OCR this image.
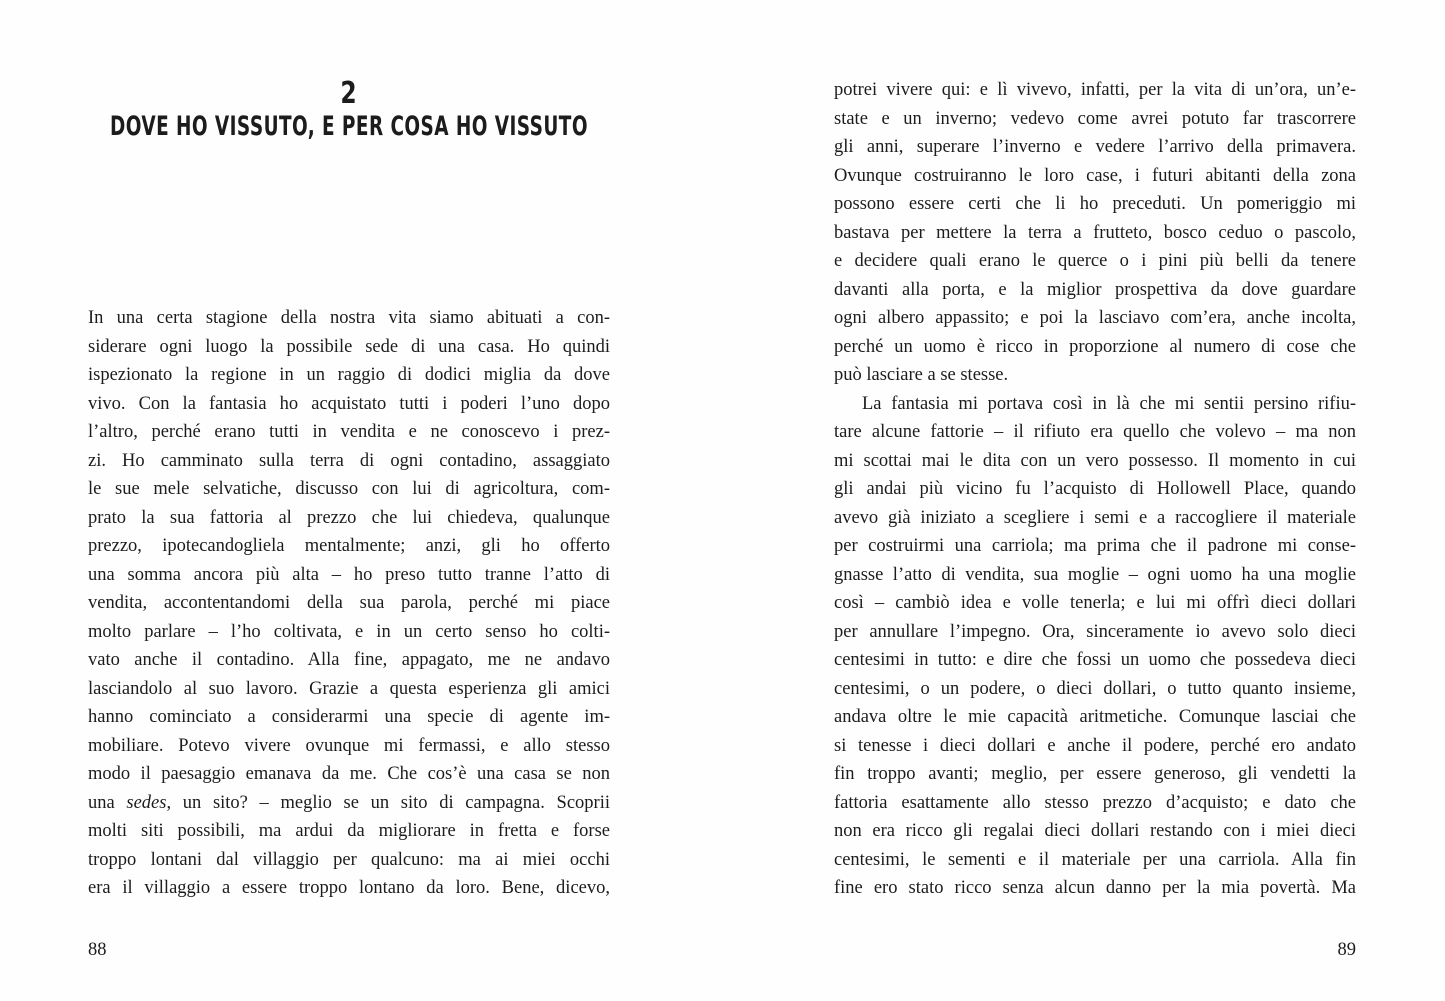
2
DOVE HO VISSUTO, E PER COSA HO VISSUTO
In una certa stagione della nostra vita siamo abituati a con-
siderare ogni luogo la possibile sede di una casa. Ho quindi
ispezionato la regione in un raggio di dodici miglia da dove
vivo. Con la fantasia ho acquistato tutti i poderi l’uno dopo
l’altro, perché erano tutti in vendita e ne conoscevo i prez-
zi. Ho camminato sulla terra di ogni contadino, assaggiato
le sue mele selvatiche, discusso con lui di agricoltura, com-
prato la sua fattoria al prezzo che lui chiedeva, qualunque
prezzo, ipotecandogliela mentalmente; anzi, gli ho offerto
una somma ancora più alta – ho preso tutto tranne l’atto di
vendita, accontentandomi della sua parola, perché mi piace
molto parlare – l’ho coltivata, e in un certo senso ho colti-
vato anche il contadino. Alla fine, appagato, me ne andavo
lasciandolo al suo lavoro. Grazie a questa esperienza gli amici
hanno cominciato a considerarmi una specie di agente im-
mobiliare. Potevo vivere ovunque mi fermassi, e allo stesso
modo il paesaggio emanava da me. Che cos’è una casa se non
una sedes, un sito? – meglio se un sito di campagna. Scoprii
molti siti possibili, ma ardui da migliorare in fretta e forse
troppo lontani dal villaggio per qualcuno: ma ai miei occhi
era il villaggio a essere troppo lontano da loro. Bene, dicevo,
88
potrei vivere qui: e lì vivevo, infatti, per la vita di un’ora, un’e-
state e un inverno; vedevo come avrei potuto far trascorrere
gli anni, superare l’inverno e vedere l’arrivo della primavera.
Ovunque costruiranno le loro case, i futuri abitanti della zona
possono essere certi che li ho preceduti. Un pomeriggio mi
bastava per mettere la terra a frutteto, bosco ceduo o pascolo,
e decidere quali erano le querce o i pini più belli da tenere
davanti alla porta, e la miglior prospettiva da dove guardare
ogni albero appassito; e poi la lasciavo com’era, anche incolta,
perché un uomo è ricco in proporzione al numero di cose che
può lasciare a se stesse.
La fantasia mi portava così in là che mi sentii persino rifiu-
tare alcune fattorie – il rifiuto era quello che volevo – ma non
mi scottai mai le dita con un vero possesso. Il momento in cui
gli andai più vicino fu l’acquisto di Hollowell Place, quando
avevo già iniziato a scegliere i semi e a raccogliere il materiale
per costruirmi una carriola; ma prima che il padrone mi conse-
gnasse l’atto di vendita, sua moglie – ogni uomo ha una moglie
così – cambiò idea e volle tenerla; e lui mi offrì dieci dollari
per annullare l’impegno. Ora, sinceramente io avevo solo dieci
centesimi in tutto: e dire che fossi un uomo che possedeva dieci
centesimi, o un podere, o dieci dollari, o tutto quanto insieme,
andava oltre le mie capacità aritmetiche. Comunque lasciai che
si tenesse i dieci dollari e anche il podere, perché ero andato
fin troppo avanti; meglio, per essere generoso, gli vendetti la
fattoria esattamente allo stesso prezzo d’acquisto; e dato che
non era ricco gli regalai dieci dollari restando con i miei dieci
centesimi, le sementi e il materiale per una carriola. Alla fin
fine ero stato ricco senza alcun danno per la mia povertà. Ma
89
